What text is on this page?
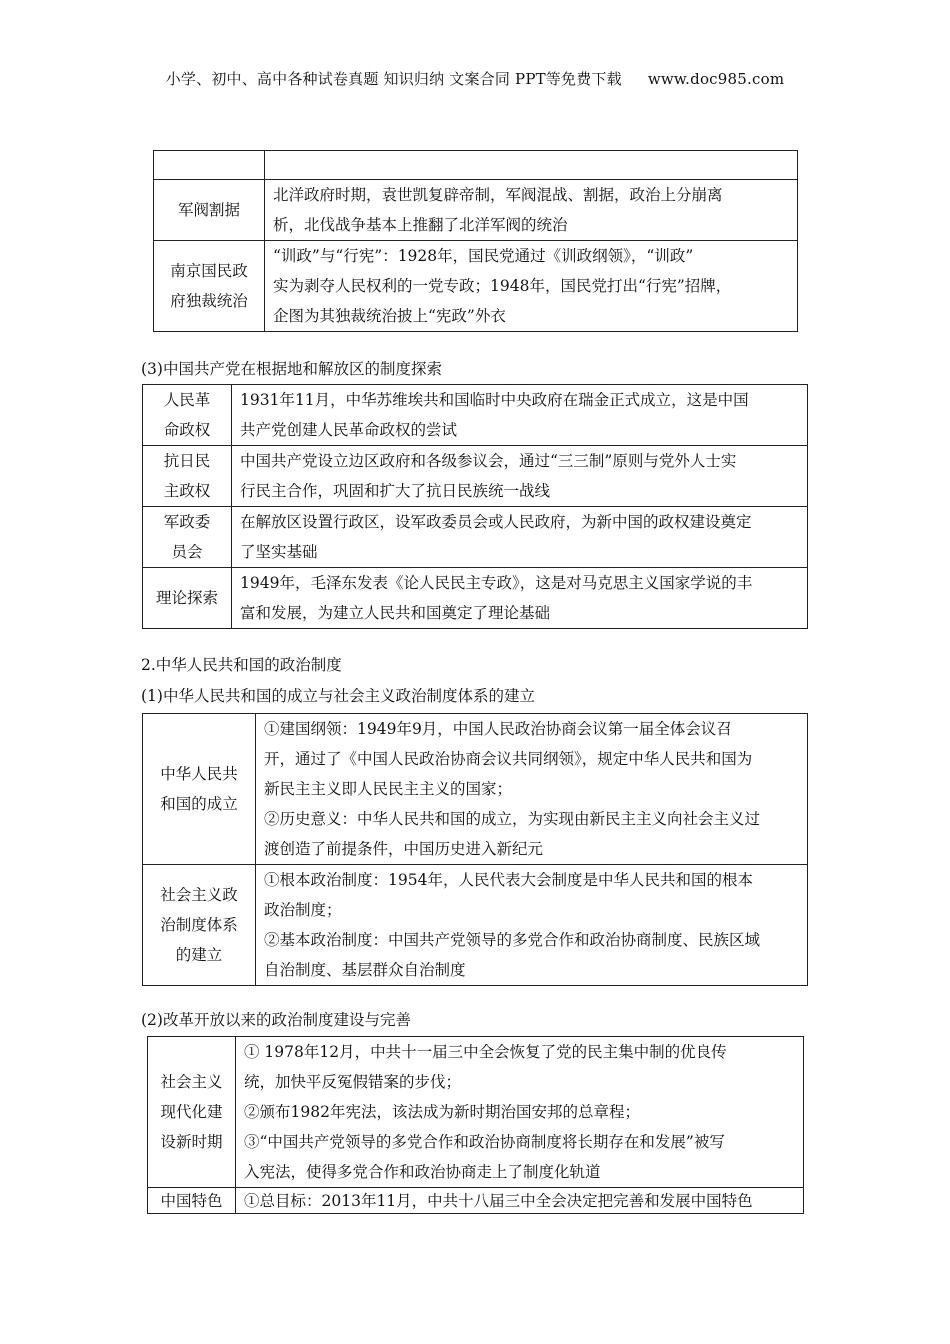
小学、初中、高中各种试卷真题 知识归纳 文案合同 PPT等免费下载 www.doc985.com

军阀割据	北洋政府时期，袁世凯复辟帝制，军阀混战、割据，政治上分崩离
析，北伐战争基本上推翻了北洋军阀的统治

南京国民政
府独裁统治	“训政”与“行宪”：1928年，国民党通过《训政纲领》，“训政”
实为剥夺人民权利的一党专政；1948年，国民党打出“行宪”招牌，
企图为其独裁统治披上“宪政”外衣
(3)中国共产党在根据地和解放区的制度探索
人民革
命政权	1931年11月，中华苏维埃共和国临时中央政府在瑞金正式成立，这是中国
共产党创建人民革命政权的尝试

抗日民
主政权	中国共产党设立边区政府和各级参议会，通过“三三制”原则与党外人士实
行民主合作，巩固和扩大了抗日民族统一战线

军政委
员会	在解放区设置行政区，设军政委员会或人民政府，为新中国的政权建设奠定
了坚实基础

理论探索	1949年，毛泽东发表《论人民民主专政》，这是对马克思主义国家学说的丰
富和发展，为建立人民共和国奠定了理论基础
2.中华人民共和国的政治制度
(1)中华人民共和国的成立与社会主义政治制度体系的建立
中华人民共
和国的成立	①建国纲领：1949年9月，中国人民政治协商会议第一届全体会议召
开，通过了《中国人民政治协商会议共同纲领》，规定中华人民共和国为
新民主主义即人民民主主义的国家；
②历史意义：中华人民共和国的成立，为实现由新民主主义向社会主义过
渡创造了前提条件，中国历史进入新纪元

社会主义政
治制度体系
的建立	①根本政治制度：1954年，人民代表大会制度是中华人民共和国的根本
政治制度；
②基本政治制度：中国共产党领导的多党合作和政治协商制度、民族区域
自治制度、基层群众自治制度
(2)改革开放以来的政治制度建设与完善
社会主义
现代化建
设新时期	① 1978年12月，中共十一届三中全会恢复了党的民主集中制的优良传
统，加快平反冤假错案的步伐；
②颁布1982年宪法，该法成为新时期治国安邦的总章程；
③“中国共产党领导的多党合作和政治协商制度将长期存在和发展”被写
入宪法，使得多党合作和政治协商走上了制度化轨道

中国特色	①总目标：2013年11月，中共十八届三中全会决定把完善和发展中国特色
